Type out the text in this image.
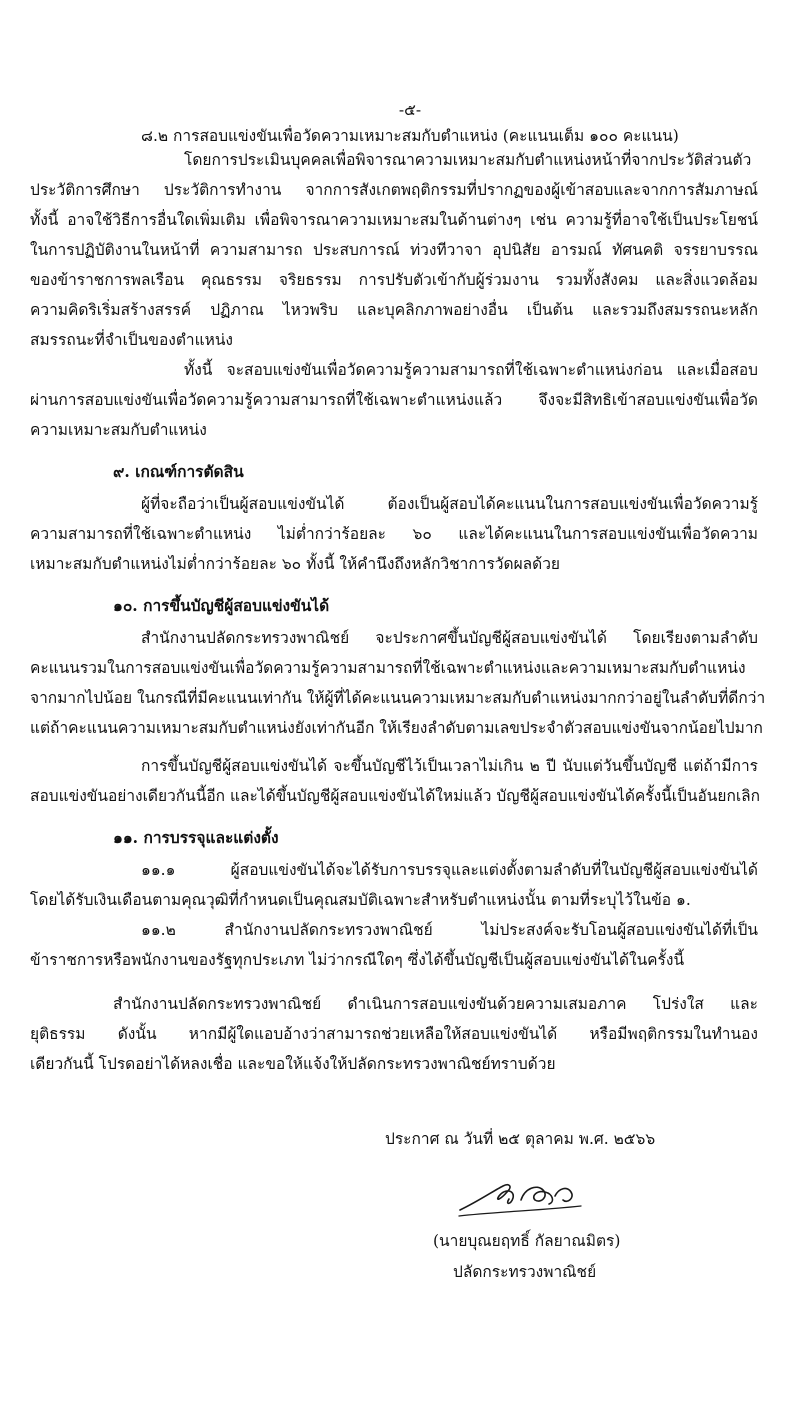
-๕-
๘.๒ การสอบแข่งขันเพื่อวัดความเหมาะสมกับตำแหน่ง (คะแนนเต็ม ๑๐๐ คะแนน)
โดยการประเมินบุคคลเพื่อพิจารณาความเหมาะสมกับตำแหน่งหน้าที่จากประวัติส่วนตัว
ประวัติการศึกษา ประวัติการทำงาน จากการสังเกตพฤติกรรมที่ปรากฏของผู้เข้าสอบและจากการสัมภาษณ์
ทั้งนี้ อาจใช้วิธีการอื่นใดเพิ่มเติม เพื่อพิจารณาความเหมาะสมในด้านต่างๆ เช่น ความรู้ที่อาจใช้เป็นประโยชน์
ในการปฏิบัติงานในหน้าที่ ความสามารถ ประสบการณ์ ท่วงทีวาจา อุปนิสัย อารมณ์ ทัศนคติ จรรยาบรรณ
ของข้าราชการพลเรือน คุณธรรม จริยธรรม การปรับตัวเข้ากับผู้ร่วมงาน รวมทั้งสังคม และสิ่งแวดล้อม
ความคิดริเริ่มสร้างสรรค์ ปฏิภาณ ไหวพริบ และบุคลิกภาพอย่างอื่น เป็นต้น และรวมถึงสมรรถนะหลัก
สมรรถนะที่จำเป็นของตำแหน่ง
ทั้งนี้ จะสอบแข่งขันเพื่อวัดความรู้ความสามารถที่ใช้เฉพาะตำแหน่งก่อน และเมื่อสอบ
ผ่านการสอบแข่งขันเพื่อวัดความรู้ความสามารถที่ใช้เฉพาะตำแหน่งแล้ว จึงจะมีสิทธิเข้าสอบแข่งขันเพื่อวัด
ความเหมาะสมกับตำแหน่ง
๙. เกณฑ์การตัดสิน
ผู้ที่จะถือว่าเป็นผู้สอบแข่งขันได้ ต้องเป็นผู้สอบได้คะแนนในการสอบแข่งขันเพื่อวัดความรู้
ความสามารถที่ใช้เฉพาะตำแหน่ง ไม่ต่ำกว่าร้อยละ ๖๐ และได้คะแนนในการสอบแข่งขันเพื่อวัดความ
เหมาะสมกับตำแหน่งไม่ต่ำกว่าร้อยละ ๖๐ ทั้งนี้ ให้คำนึงถึงหลักวิชาการวัดผลด้วย
๑๐. การขึ้นบัญชีผู้สอบแข่งขันได้
สำนักงานปลัดกระทรวงพาณิชย์ จะประกาศขึ้นบัญชีผู้สอบแข่งขันได้ โดยเรียงตามลำดับ
คะแนนรวมในการสอบแข่งขันเพื่อวัดความรู้ความสามารถที่ใช้เฉพาะตำแหน่งและความเหมาะสมกับตำแหน่ง
จากมากไปน้อย ในกรณีที่มีคะแนนเท่ากัน ให้ผู้ที่ได้คะแนนความเหมาะสมกับตำแหน่งมากกว่าอยู่ในลำดับที่ดีกว่า
แต่ถ้าคะแนนความเหมาะสมกับตำแหน่งยังเท่ากันอีก ให้เรียงลำดับตามเลขประจำตัวสอบแข่งขันจากน้อยไปมาก
การขึ้นบัญชีผู้สอบแข่งขันได้ จะขึ้นบัญชีไว้เป็นเวลาไม่เกิน ๒ ปี นับแต่วันขึ้นบัญชี แต่ถ้ามีการ
สอบแข่งขันอย่างเดียวกันนี้อีก และได้ขึ้นบัญชีผู้สอบแข่งขันได้ใหม่แล้ว บัญชีผู้สอบแข่งขันได้ครั้งนี้เป็นอันยกเลิก
๑๑. การบรรจุและแต่งตั้ง
๑๑.๑ ผู้สอบแข่งขันได้จะได้รับการบรรจุและแต่งตั้งตามลำดับที่ในบัญชีผู้สอบแข่งขันได้
โดยได้รับเงินเดือนตามคุณวุฒิที่กำหนดเป็นคุณสมบัติเฉพาะสำหรับตำแหน่งนั้น ตามที่ระบุไว้ในข้อ ๑.
๑๑.๒ สำนักงานปลัดกระทรวงพาณิชย์ ไม่ประสงค์จะรับโอนผู้สอบแข่งขันได้ที่เป็น
ข้าราชการหรือพนักงานของรัฐทุกประเภท ไม่ว่ากรณีใดๆ ซึ่งได้ขึ้นบัญชีเป็นผู้สอบแข่งขันได้ในครั้งนี้
สำนักงานปลัดกระทรวงพาณิชย์ ดำเนินการสอบแข่งขันด้วยความเสมอภาค โปร่งใส และ
ยุติธรรม ดังนั้น หากมีผู้ใดแอบอ้างว่าสามารถช่วยเหลือให้สอบแข่งขันได้ หรือมีพฤติกรรมในทำนอง
เดียวกันนี้ โปรดอย่าได้หลงเชื่อ และขอให้แจ้งให้ปลัดกระทรวงพาณิชย์ทราบด้วย
ประกาศ ณ วันที่ ๒๕ ตุลาคม พ.ศ. ๒๕๖๖
(นายบุณยฤทธิ์ กัลยาณมิตร)
ปลัดกระทรวงพาณิชย์
